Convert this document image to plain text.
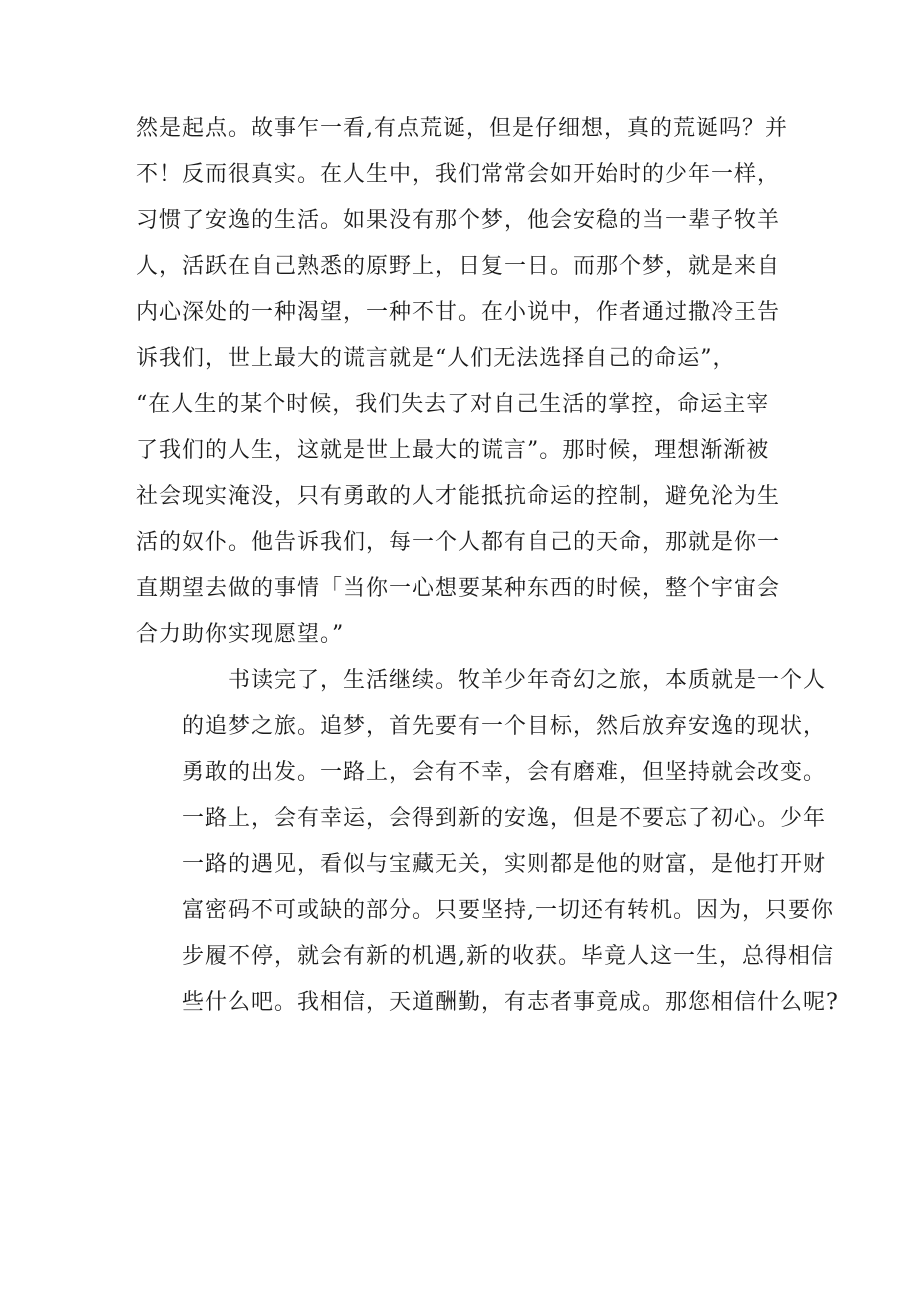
然是起点。故事乍一看,有点荒诞，但是仔细想，真的荒诞吗？并
不！反而很真实。在人生中，我们常常会如开始时的少年一样，
习惯了安逸的生活。如果没有那个梦，他会安稳的当一辈子牧羊
人，活跃在自己熟悉的原野上，日复一日。而那个梦，就是来自
内心深处的一种渴望，一种不甘。在小说中，作者通过撒冷王告
诉我们，世上最大的谎言就是“人们无法选择自己的命运”，
“在人生的某个时候，我们失去了对自己生活的掌控，命运主宰
了我们的人生，这就是世上最大的谎言”。那时候，理想渐渐被
社会现实淹没，只有勇敢的人才能抵抗命运的控制，避免沦为生
活的奴仆。他告诉我们，每一个人都有自己的天命，那就是你一
直期望去做的事情「当你一心想要某种东西的时候，整个宇宙会
合力助你实现愿望。”
书读完了，生活继续。牧羊少年奇幻之旅，本质就是一个人
的追梦之旅。追梦，首先要有一个目标，然后放弃安逸的现状，
勇敢的出发。一路上，会有不幸，会有磨难，但坚持就会改变。
一路上，会有幸运，会得到新的安逸，但是不要忘了初心。少年
一路的遇见，看似与宝藏无关，实则都是他的财富，是他打开财
富密码不可或缺的部分。只要坚持,一切还有转机。因为，只要你
步履不停，就会有新的机遇,新的收获。毕竟人这一生，总得相信
些什么吧。我相信，天道酬勤，有志者事竟成。那您相信什么呢?
